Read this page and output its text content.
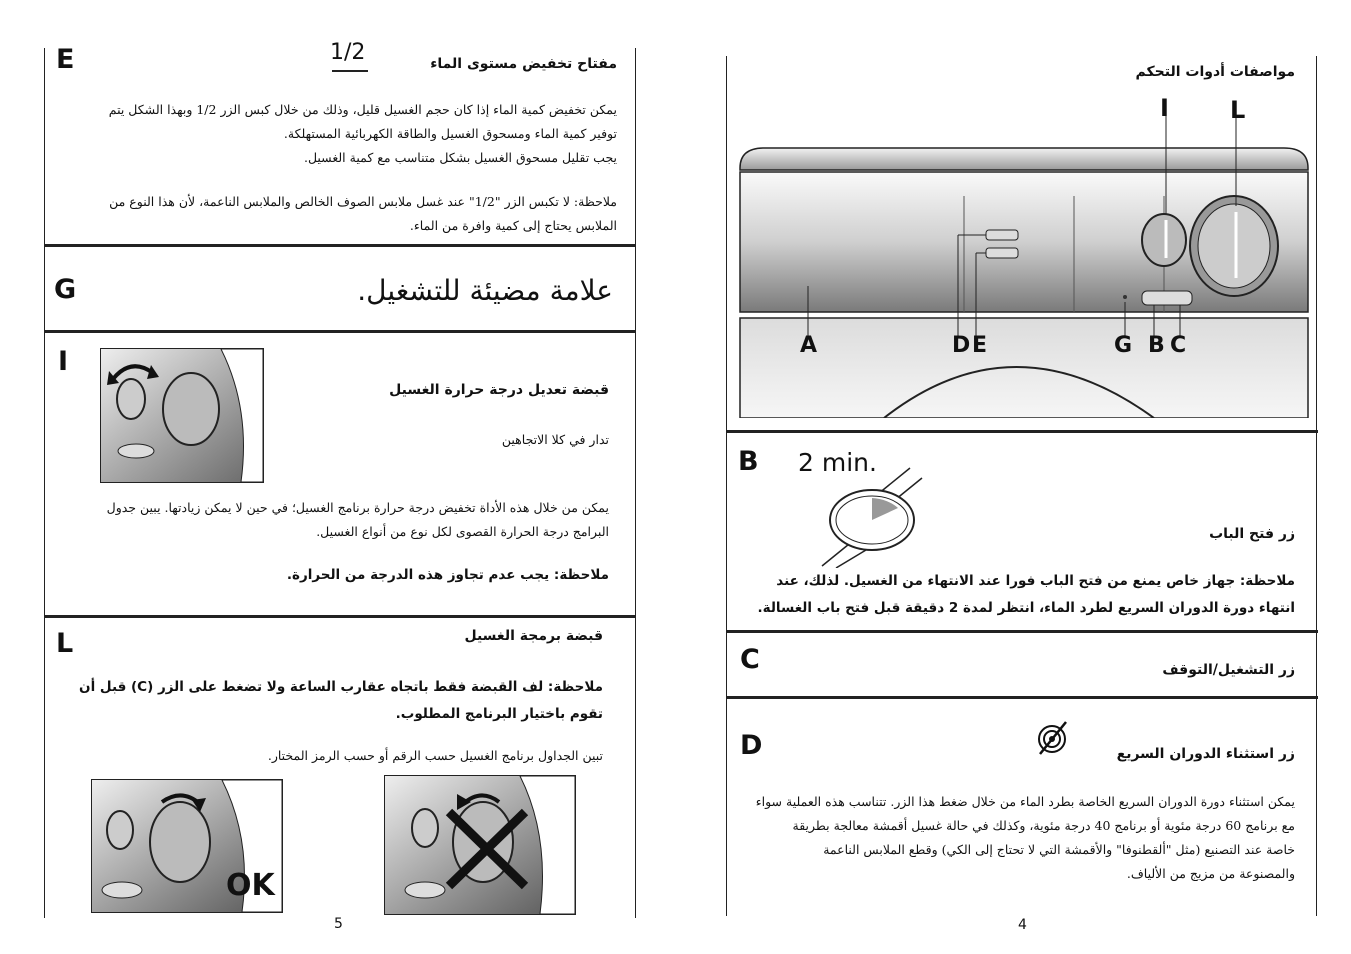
E	1/2	مفتاح تخفيض مستوى الماء
يمكن تخفيض كمية الماء إذا كان حجم الغسيل قليل، وذلك من خلال كبس الزر 1/2 وبهذا الشكل يتم
توفير كمية الماء ومسحوق الغسيل والطاقة الكهربائية المستهلكة.
يجب تقليل مسحوق الغسيل بشكل متناسب مع كمية الغسيل.
ملاحظة: لا تكبس الزر "1/2" عند غسل ملابس الصوف الخالص والملابس الناعمة، لأن هذا النوع من
الملابس يحتاج إلى كمية وافرة من الماء.
G	علامة مضيئة للتشغيل.
I
قبضة تعديل درجة حرارة الغسيل
تدار في كلا الاتجاهين
يمكن من خلال هذه الأداة تخفيض درجة حرارة برنامج الغسيل؛ في حين لا يمكن زيادتها. يبين جدول
البرامج درجة الحرارة القصوى لكل نوع من أنواع الغسيل.
ملاحظة: يجب عدم تجاوز هذه الدرجة من الحرارة.
L	قبضة برمجة الغسيل
ملاحظة: لف القبضة فقط باتجاه عقارب الساعة ولا تضغط على الزر (C) قبل أن
تقوم باختيار البرنامج المطلوب.
تبين الجداول برنامج الغسيل حسب الرقم أو حسب الرمز المختار.
OK
5
مواصفات أدوات التحكم
I	L
A	D E	G B C
B 2 min.
زر فتح الباب
ملاحظة: جهاز خاص يمنع من فتح الباب فورا عند الانتهاء من الغسيل. لذلك، عند
انتهاء دورة الدوران السريع لطرد الماء، انتظر لمدة 2 دقيقة قبل فتح باب الغسالة.
C	زر التشغيل/التوقف
D	زر استثناء الدوران السريع
يمكن استثناء دورة الدوران السريع الخاصة بطرد الماء من خلال ضغط هذا الزر. تتناسب هذه العملية سواء
مع برنامج 60 درجة مئوية أو برنامج 40 درجة مئوية، وكذلك في حالة غسيل أقمشة معالجة بطريقة
خاصة عند التصنيع (مثل "ألقطنوفا" والأقمشة التي لا تحتاج إلى الكي) وقطع الملابس الناعمة
والمصنوعة من مزيج من الألياف.
4
